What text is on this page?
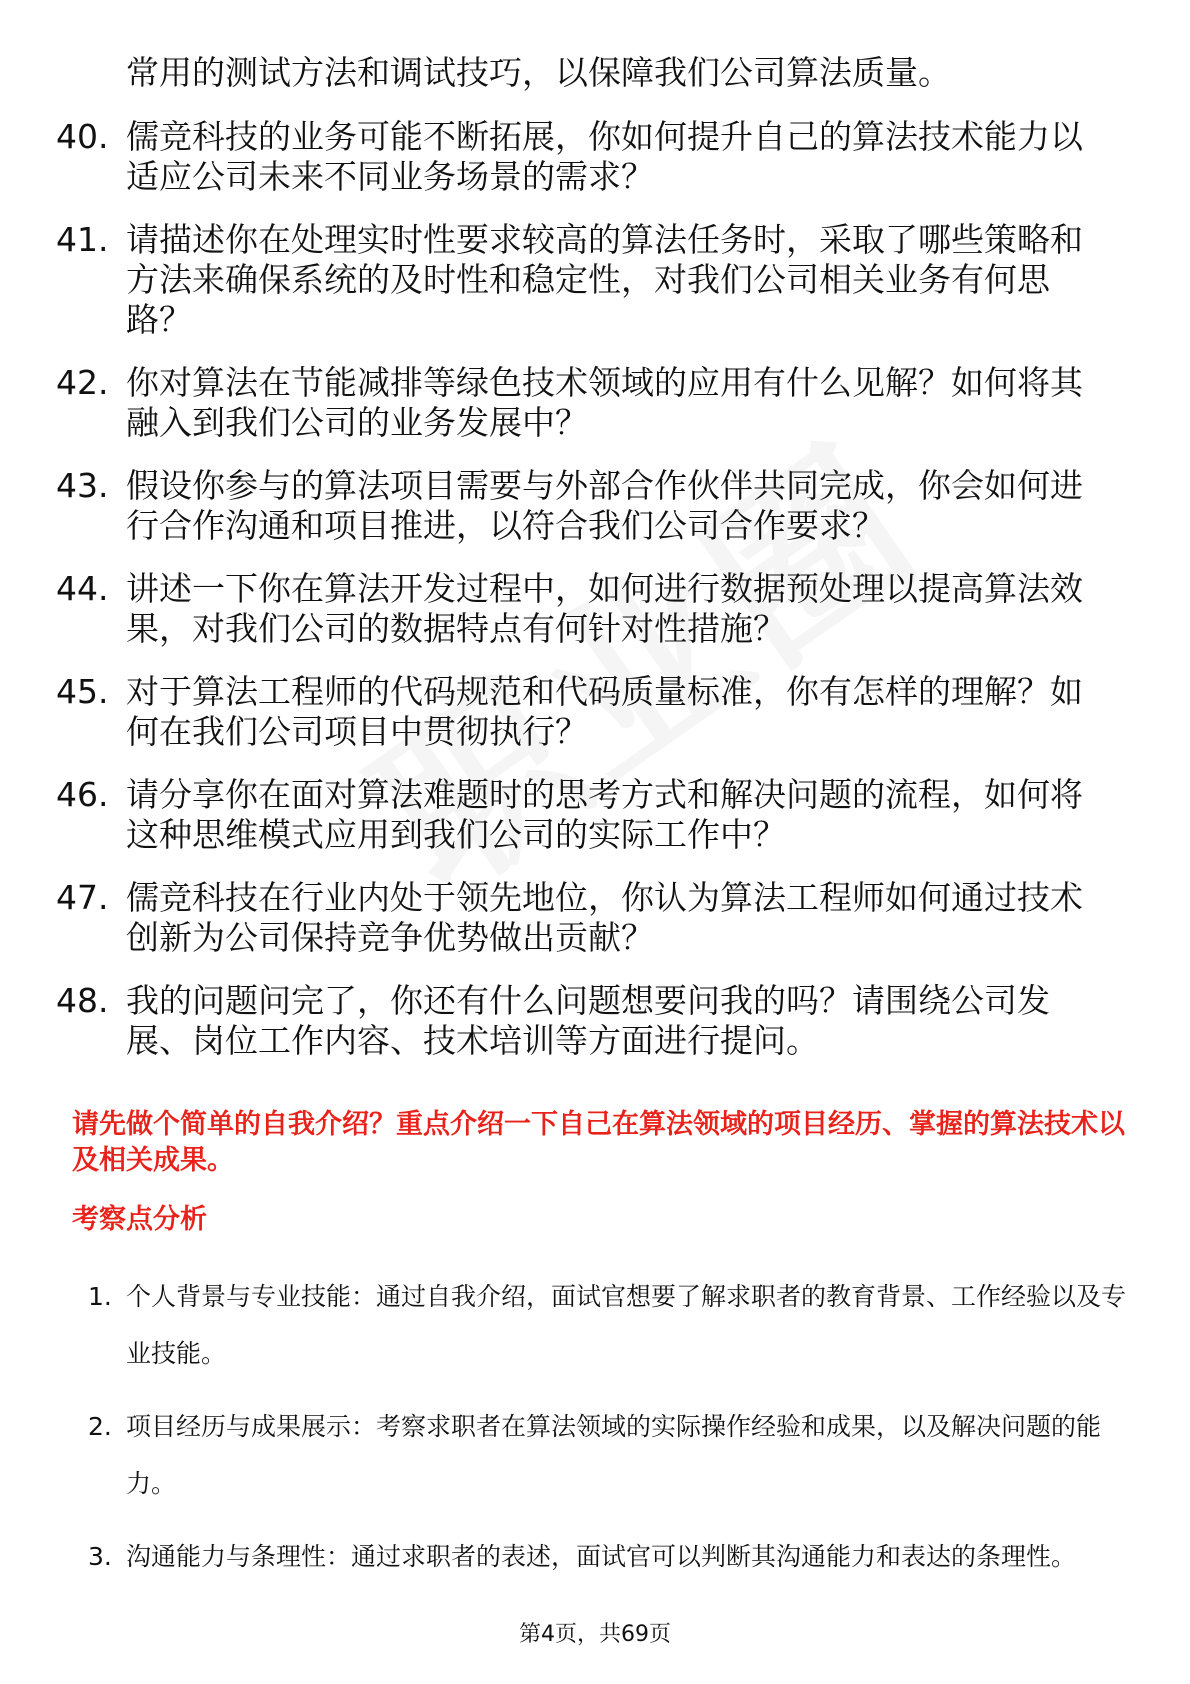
常用的测试方法和调试技巧，以保障我们公司算法质量。
40. 儒竞科技的业务可能不断拓展，你如何提升自己的算法技术能力以适应公司未来不同业务场景的需求？
41. 请描述你在处理实时性要求较高的算法任务时，采取了哪些策略和方法来确保系统的及时性和稳定性，对我们公司相关业务有何思路？
42. 你对算法在节能减排等绿色技术领域的应用有什么见解？如何将其融入到我们公司的业务发展中？
43. 假设你参与的算法项目需要与外部合作伙伴共同完成，你会如何进行合作沟通和项目推进，以符合我们公司合作要求？
44. 讲述一下你在算法开发过程中，如何进行数据预处理以提高算法效果，对我们公司的数据特点有何针对性措施？
45. 对于算法工程师的代码规范和代码质量标准，你有怎样的理解？如何在我们公司项目中贯彻执行？
46. 请分享你在面对算法难题时的思考方式和解决问题的流程，如何将这种思维模式应用到我们公司的实际工作中？
47. 儒竞科技在行业内处于领先地位，你认为算法工程师如何通过技术创新为公司保持竞争优势做出贡献？
48. 我的问题问完了，你还有什么问题想要问我的吗？请围绕公司发展、岗位工作内容、技术培训等方面进行提问。
请先做个简单的自我介绍？重点介绍一下自己在算法领域的项目经历、掌握的算法技术以及相关成果。
考察点分析
1. 个人背景与专业技能：通过自我介绍，面试官想要了解求职者的教育背景、工作经验以及专业技能。
2. 项目经历与成果展示：考察求职者在算法领域的实际操作经验和成果，以及解决问题的能力。
3. 沟通能力与条理性：通过求职者的表述，面试官可以判断其沟通能力和表达的条理性。
第4页，共69页
